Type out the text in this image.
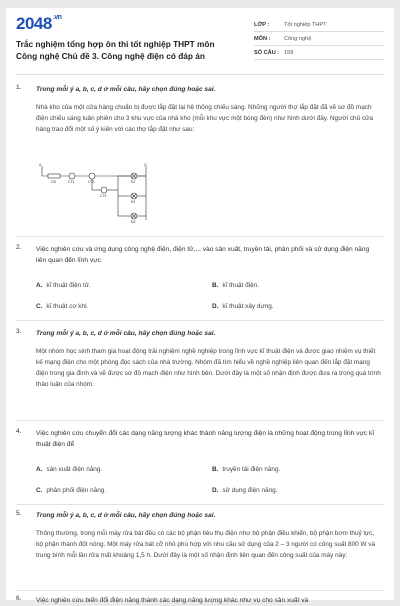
$2048^{.vn}$
Trắc nghiệm tổng hợp ôn thi tốt nghiệp THPT môn Công nghệ Chủ đề 3. Công nghệ điện có đáp án
LỚP :	Tốt nghiệp THPT
MÔN :	Công nghệ
SỐ CÂU : 158
1. Trong mỗi ý a, b, c, d ở mỗi câu, hãy chọn đúng hoặc sai.
Nhà kho của một cửa hàng chuẩn bị được lắp đặt lại hệ thống chiếu sáng. Những người thợ lắp đặt đã vẽ sơ đồ mạch điện chiếu sáng luân phiên cho 3 khu vực của nhà kho (mỗi khu vực một bóng đèn) như hình dưới đây. Người chủ cửa hàng trao đổi một số ý kiến với các thợ lắp đặt như sau:
A	O
CB	CT1	CT2
CT3
Đ1
Đ2
Đ3
2. Việc nghiên cứu và ứng dụng công nghệ điện, điện tử,... vào sản xuất, truyền tải, phân phối và sử dụng điện năng liên quan đến lĩnh vực
A. kĩ thuật điện tử.	B. kĩ thuật điện.
C. kĩ thuật cơ khí.	D. kĩ thuật xây dựng.
3. Trong mỗi ý a, b, c, d ở mỗi câu, hãy chọn đúng hoặc sai.
Một nhóm học sinh tham gia hoạt động trải nghiệm nghề nghiệp trong lĩnh vực kĩ thuật điện và được giao nhiệm vụ thiết kế mạng điện cho một phòng đọc sách của nhà trường. Nhóm đã tìm hiểu về nghề nghiệp liên quan đến lắp đặt mạng điện trong gia đình và vẽ được sơ đồ mạch điện như hình bên. Dưới đây là một số nhận định được đưa ra trong quá trình thảo luận của nhóm.
4. Việc nghiên cứu chuyển đổi các dạng năng lượng khác thành năng lượng điện là những hoạt động trong lĩnh vực kĩ thuật điện để
A. sản xuất điện năng.	B. truyền tải điện năng.
C. phân phối điện năng.	D. sử dụng điện năng.
5. Trong mỗi ý a, b, c, d ở mỗi câu, hãy chọn đúng hoặc sai.
Thông thường, trong mỗi máy rửa bát đều có các bộ phận tiêu thụ điện như bộ phận điều khiển, bộ phận bơm thuỷ lực, bộ phận thanh đốt nóng. Một máy rửa bát cỡ nhỏ phù hợp với nhu cầu sử dụng của 2 – 3 người có công suất 800 W và trung bình mỗi lần rửa mất khoảng 1,5 h. Dưới đây là một số nhận định liên quan đến công suất của máy này:
6. Việc nghiên cứu biến đổi điện năng thành các dạng năng lượng khác như vụ cho sản xuất và
